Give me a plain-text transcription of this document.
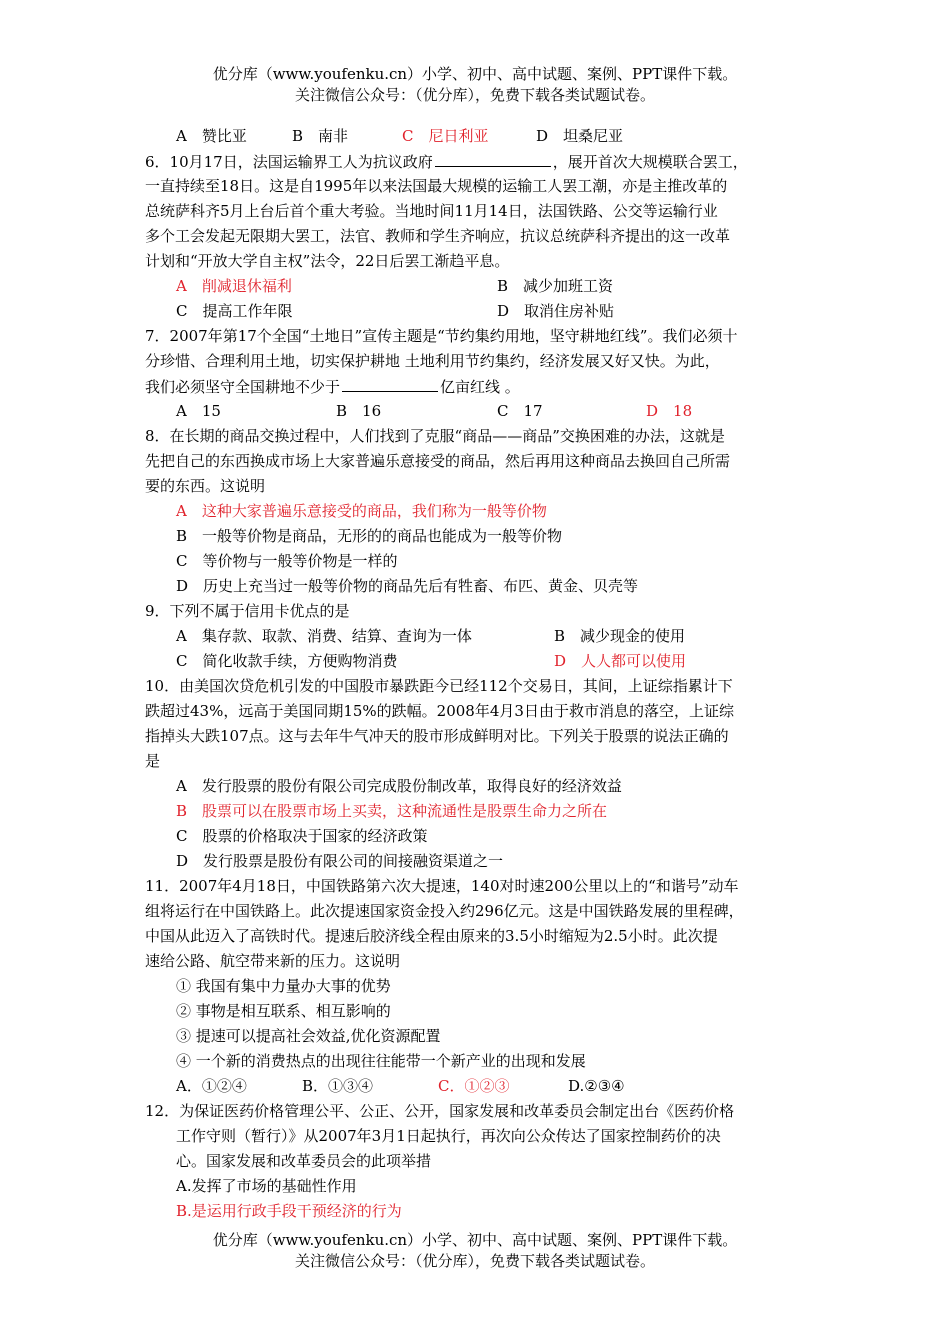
优分库（www.youfenku.cn）小学、初中、高中试题、案例、PPT课件下载。
关注微信公众号：（优分库），免费下载各类试题试卷。
A　赞比亚	B　南非	C　尼日利亚	D　坦桑尼亚
6．10月17日，法国运输界工人为抗议政府	，展开首次大规模联合罢工，
一直持续至18日。这是自1995年以来法国最大规模的运输工人罢工潮，亦是主推改革的
总统萨科齐5月上台后首个重大考验。当地时间11月14日，法国铁路、公交等运输行业
多个工会发起无限期大罢工，法官、教师和学生齐响应，抗议总统萨科齐提出的这一改革
计划和“开放大学自主权”法令，22日后罢工渐趋平息。
A　削减退休福利	B　减少加班工资
C　提高工作年限	D　取消住房补贴
7．2007年第17个全国“土地日”宣传主题是“节约集约用地，坚守耕地红线”。我们必须十
分珍惜、合理利用土地，切实保护耕地 土地利用节约集约，经济发展又好又快。为此，
我们必须坚守全国耕地不少于	亿亩红线 。
A　15	B　16	C　17	D　18
8．在长期的商品交换过程中，人们找到了克服“商品——商品”交换困难的办法，这就是
先把自己的东西换成市场上大家普遍乐意接受的商品，然后再用这种商品去换回自己所需
要的东西。这说明
A　这种大家普遍乐意接受的商品，我们称为一般等价物
B　一般等价物是商品，无形的的商品也能成为一般等价物
C　等价物与一般等价物是一样的
D　历史上充当过一般等价物的商品先后有牲畜、布匹、黄金、贝壳等
9．下列不属于信用卡优点的是
A　集存款、取款、消费、结算、查询为一体	B　减少现金的使用
C　简化收款手续，方便购物消费	D　人人都可以使用
10．由美国次贷危机引发的中国股市暴跌距今已经112个交易日，其间，上证综指累计下
跌超过43%，远高于美国同期15%的跌幅。2008年4月3日由于救市消息的落空，上证综
指掉头大跌107点。这与去年牛气冲天的股市形成鲜明对比。下列关于股票的说法正确的
是
A　发行股票的股份有限公司完成股份制改革，取得良好的经济效益
B　股票可以在股票市场上买卖，这种流通性是股票生命力之所在
C　股票的价格取决于国家的经济政策
D　发行股票是股份有限公司的间接融资渠道之一
11．2007年4月18日，中国铁路第六次大提速，140对时速200公里以上的“和谐号”动车
组将运行在中国铁路上。此次提速国家资金投入约296亿元。这是中国铁路发展的里程碑，
中国从此迈入了高铁时代。提速后胶济线全程由原来的3.5小时缩短为2.5小时。此次提
速给公路、航空带来新的压力。这说明
① 我国有集中力量办大事的优势
② 事物是相互联系、相互影响的
③ 提速可以提高社会效益,优化资源配置
④ 一个新的消费热点的出现往往能带一个新产业的出现和发展
A．①②④	B．①③④	C．①②③	D.②③④
12．为保证医药价格管理公平、公正、公开，国家发展和改革委员会制定出台《医药价格
工作守则（暂行）》从2007年3月1日起执行，再次向公众传达了国家控制药价的决
心。国家发展和改革委员会的此项举措
A.发挥了市场的基础性作用
B.是运用行政手段干预经济的行为
优分库（www.youfenku.cn）小学、初中、高中试题、案例、PPT课件下载。
关注微信公众号：（优分库），免费下载各类试题试卷。
